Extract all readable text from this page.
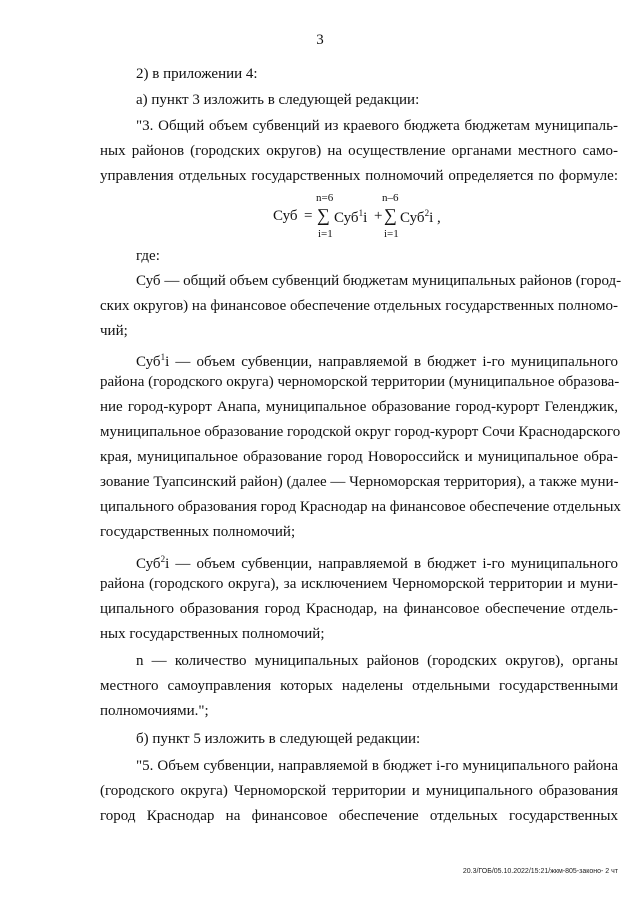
3
2) в приложении 4:
а) пункт 3 изложить в следующей редакции:
"3. Общий объем субвенций из краевого бюджета бюджетам муниципаль-
ных районов (городских округов) на осуществление органами местного само-
управления отдельных государственных полномочий определяется по формуле:
Суб =
n=6
∑
i=1
Суб$^1$i +
n–6
∑
i=1
Суб$^2$i ,
где:
Суб — общий объем субвенций бюджетам муниципальных районов (город-
ских округов) на финансовое обеспечение отдельных государственных полномо-
чий;
Суб$^1$i — объем субвенции, направляемой в бюджет i-го муниципального
района (городского округа) черноморской территории (муниципальное образова-
ние город-курорт Анапа, муниципальное образование город-курорт Геленджик,
муниципальное образование городской округ город-курорт Сочи Краснодарского
края, муниципальное образование город Новороссийск и муниципальное обра-
зование Туапсинский район) (далее — Черноморская территория), а также муни-
ципального образования город Краснодар на финансовое обеспечение отдельных
государственных полномочий;
Суб$^2$i — объем субвенции, направляемой в бюджет i-го муниципального
района (городского округа), за исключением Черноморской территории и муни-
ципального образования город Краснодар, на финансовое обеспечение отдель-
ных государственных полномочий;
n — количество муниципальных районов (городских округов), органы
местного самоуправления которых наделены отдельными государственными
полномочиями.";
б) пункт 5 изложить в следующей редакции:
"5. Объем субвенции, направляемой в бюджет i-го муниципального района
(городского округа) Черноморской территории и муниципального образования
город Краснодар на финансовое обеспечение отдельных государственных
20.3/ГОБ/05.10.2022/15:21/жкм-805-законо- 2 чт
